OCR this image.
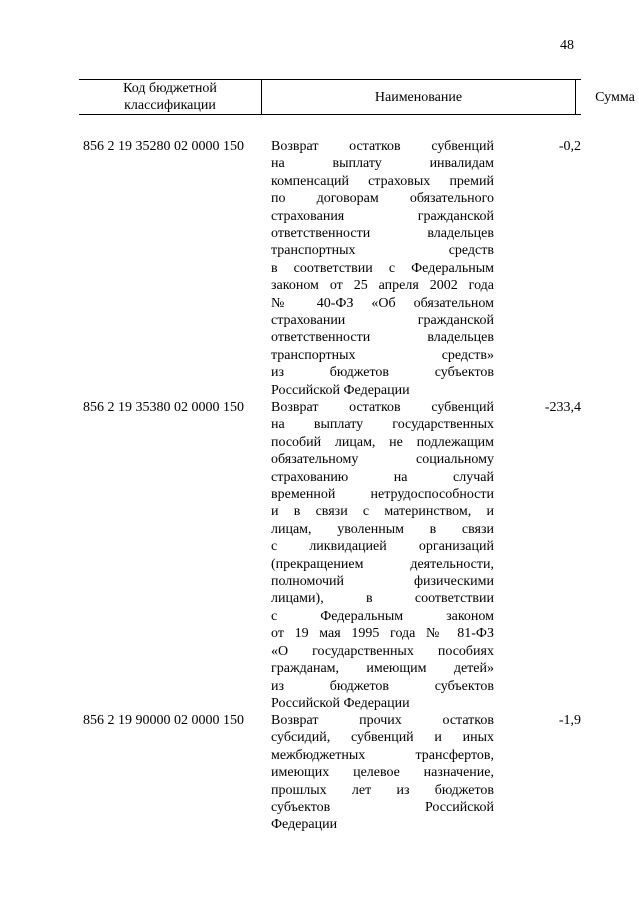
48
Код бюджетной классификации
Наименование	Сумма
856 2 19 35280 02 0000 150 Возврат остатков субвенций
на выплату инвалидам
компенсаций страховых премий
по договорам обязательного
страхования гражданской
ответственности владельцев
транспортных средств
в соответствии с Федеральным
законом от 25 апреля 2002 года
№ 40-ФЗ «Об обязательном
страховании гражданской
ответственности владельцев
транспортных средств»
из бюджетов субъектов
Российской Федерации
-0,2
856 2 19 35380 02 0000 150 Возврат остатков субвенций
на выплату государственных
пособий лицам, не подлежащим
обязательному социальному
страхованию на случай
временной нетрудоспособности
и в связи с материнством, и
лицам, уволенным в связи
с ликвидацией организаций
(прекращением деятельности,
полномочий физическими
лицами), в соответствии
с Федеральным законом
от 19 мая 1995 года № 81-ФЗ
«О государственных пособиях
гражданам, имеющим детей»
из бюджетов субъектов
Российской Федерации
-233,4
856 2 19 90000 02 0000 150 Возврат прочих остатков
субсидий, субвенций и иных
межбюджетных трансфертов,
имеющих целевое назначение,
прошлых лет из бюджетов
субъектов Российской
Федерации
-1,9
